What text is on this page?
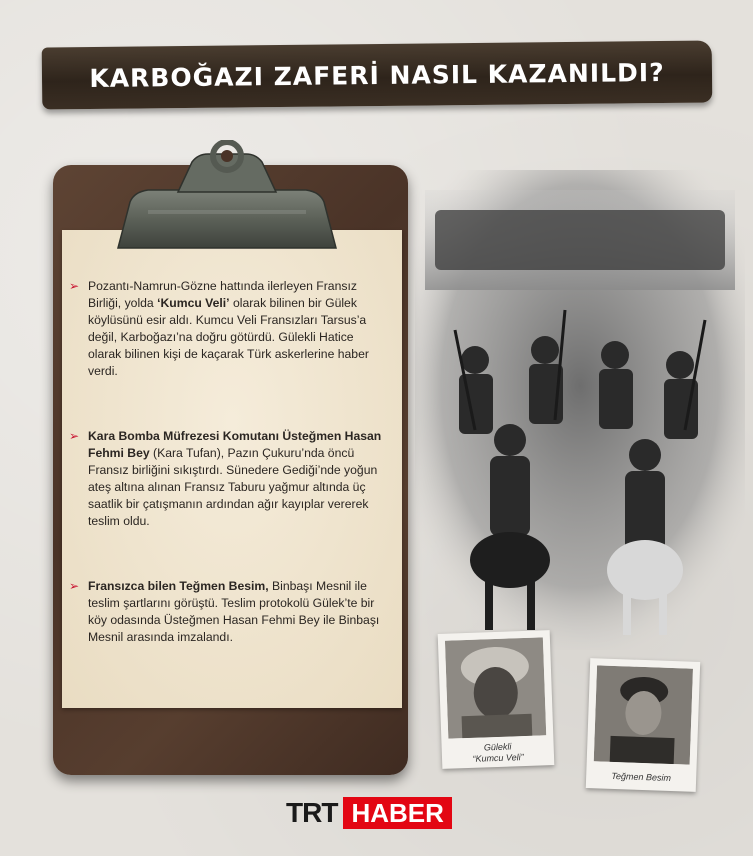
KARBOĞAZI ZAFERİ NASIL KAZANILDI?
➢ Pozantı-Namrun-Gözne hattında ilerleyen Fransız Birliği, yolda ‘Kumcu Veli’ olarak bilinen bir Gülek köylüsünü esir aldı. Kumcu Veli Fransızları Tarsus’a değil, Karboğazı’na doğru götürdü. Gülekli Hatice olarak bilinen kişi de kaçarak Türk askerlerine haber verdi.

➢ Kara Bomba Müfrezesi Komutanı Üsteğmen Hasan Fehmi Bey (Kara Tufan), Pazın Çukuru’nda öncü Fransız birliğini sıkıştırdı. Sünedere Gediği’nde yoğun ateş altına alınan Fransız Taburu yağmur altında üç saatlik bir çatışmanın ardından ağır kayıplar vererek teslim oldu.

➢ Fransızca bilen Teğmen Besim, Binbaşı Mesnil ile teslim şartlarını görüştü. Teslim protokolü Gülek’te bir köy odasında Üsteğmen Hasan Fehmi Bey ile Binbaşı Mesnil arasında imzalandı.

Gülekli
“Kumcu Veli”
Teğmen Besim
TRT HABER
